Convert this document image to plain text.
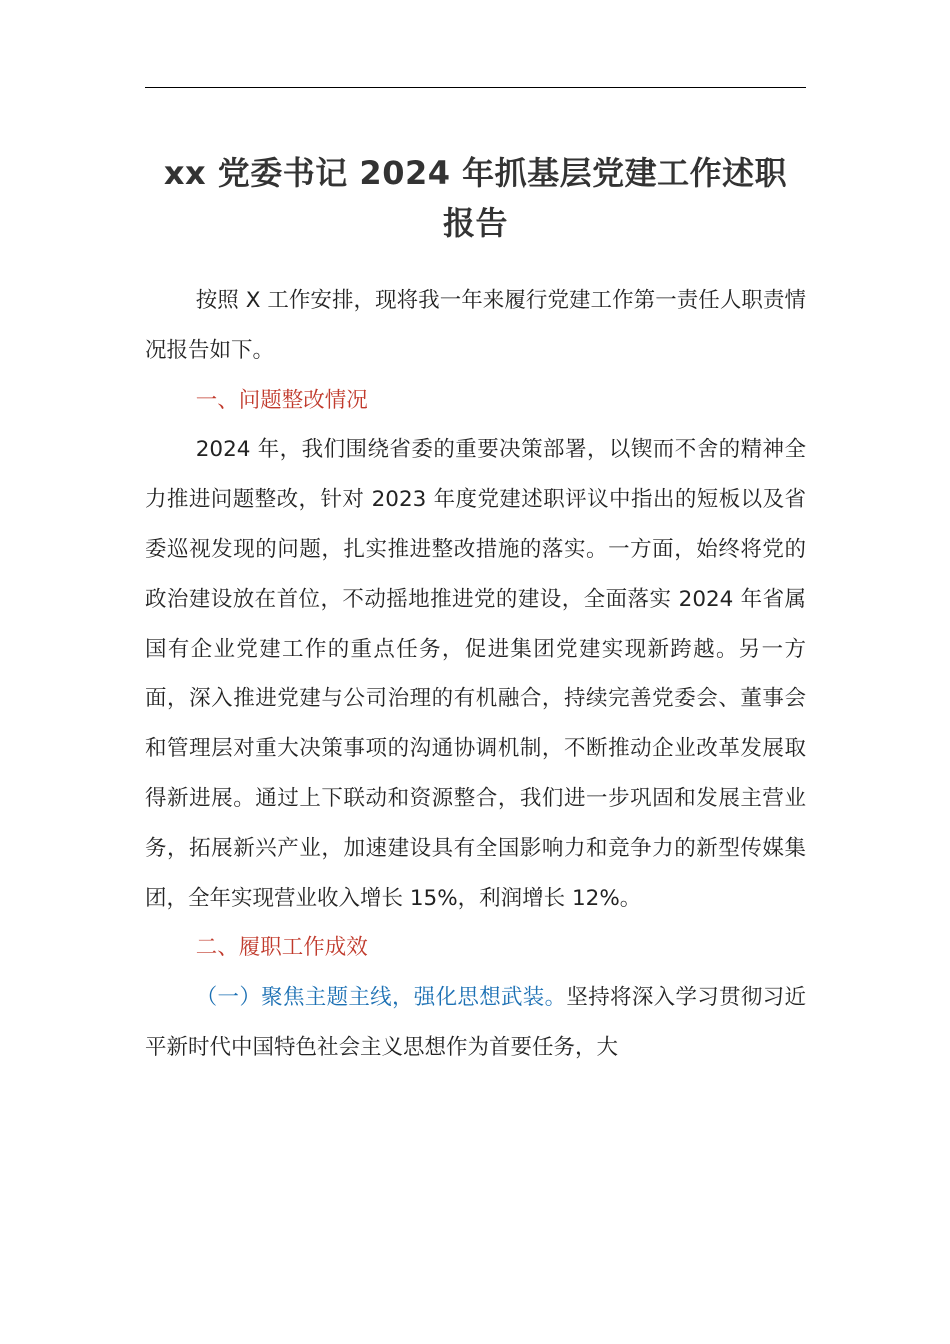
xx 党委书记 2024 年抓基层党建工作述职
报告

按照 X 工作安排，现将我一年来履行党建工作第一责任人职责情况报告如下。

一、问题整改情况

2024 年，我们围绕省委的重要决策部署，以锲而不舍的精神全力推进问题整改，针对 2023 年度党建述职评议中指出的短板以及省委巡视发现的问题，扎实推进整改措施的落实。一方面，始终将党的政治建设放在首位，不动摇地推进党的建设，全面落实 2024 年省属国有企业党建工作的重点任务，促进集团党建实现新跨越。另一方面，深入推进党建与公司治理的有机融合，持续完善党委会、董事会和管理层对重大决策事项的沟通协调机制，不断推动企业改革发展取得新进展。通过上下联动和资源整合，我们进一步巩固和发展主营业务，拓展新兴产业，加速建设具有全国影响力和竞争力的新型传媒集团，全年实现营业收入增长 15%，利润增长 12%。

二、履职工作成效

（一）聚焦主题主线，强化思想武装。坚持将深入学习贯彻习近平新时代中国特色社会主义思想作为首要任务，大
